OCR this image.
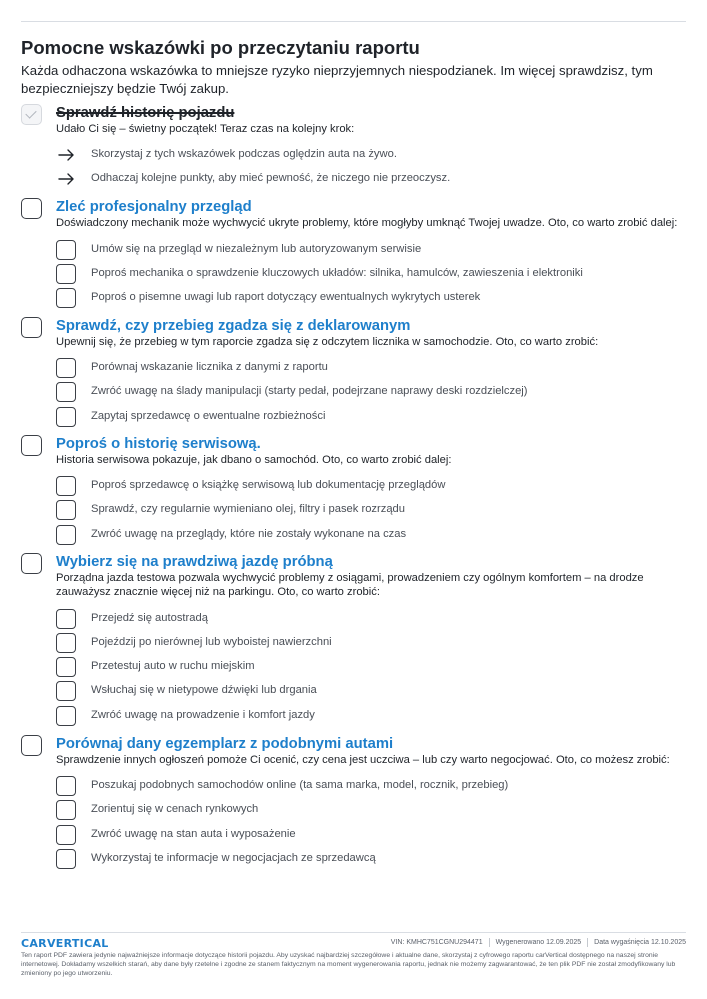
Pomocne wskazówki po przeczytaniu raportu

Każda odhaczona wskazówka to mniejsze ryzyko nieprzyjemnych niespodzianek. Im więcej sprawdzisz, tym bezpieczniejszy będzie Twój zakup.

Sprawdź historię pojazdu
Udało Ci się – świetny początek! Teraz czas na kolejny krok:
Skorzystaj z tych wskazówek podczas oględzin auta na żywo.
Odhaczaj kolejne punkty, aby mieć pewność, że niczego nie przeoczysz.
Zleć profesjonalny przegląd
Doświadczony mechanik może wychwycić ukryte problemy, które mogłyby umknąć Twojej uwadze. Oto, co warto zrobić dalej:
Umów się na przegląd w niezależnym lub autoryzowanym serwisie
Poproś mechanika o sprawdzenie kluczowych układów: silnika, hamulców, zawieszenia i elektroniki
Poproś o pisemne uwagi lub raport dotyczący ewentualnych wykrytych usterek
Sprawdź, czy przebieg zgadza się z deklarowanym
Upewnij się, że przebieg w tym raporcie zgadza się z odczytem licznika w samochodzie. Oto, co warto zrobić:
Porównaj wskazanie licznika z danymi z raportu
Zwróć uwagę na ślady manipulacji (starty pedał, podejrzane naprawy deski rozdzielczej)
Zapytaj sprzedawcę o ewentualne rozbieżności
Poproś o historię serwisową.
Historia serwisowa pokazuje, jak dbano o samochód. Oto, co warto zrobić dalej:
Poproś sprzedawcę o książkę serwisową lub dokumentację przeglądów
Sprawdź, czy regularnie wymieniano olej, filtry i pasek rozrządu
Zwróć uwagę na przeglądy, które nie zostały wykonane na czas
Wybierz się na prawdziwą jazdę próbną
Porządna jazda testowa pozwala wychwycić problemy z osiągami, prowadzeniem czy ogólnym komfortem – na drodze zauważysz znacznie więcej niż na parkingu. Oto, co warto zrobić:
Przejedź się autostradą
Pojeździj po nierównej lub wyboistej nawierzchni
Przetestuj auto w ruchu miejskim
Wsłuchaj się w nietypowe dźwięki lub drgania
Zwróć uwagę na prowadzenie i komfort jazdy
Porównaj dany egzemplarz z podobnymi autami
Sprawdzenie innych ogłoszeń pomoże Ci ocenić, czy cena jest uczciwa – lub czy warto negocjować. Oto, co możesz zrobić:
Poszukaj podobnych samochodów online (ta sama marka, model, rocznik, przebieg)
Zorientuj się w cenach rynkowych
Zwróć uwagę na stan auta i wyposażenie
Wykorzystaj te informacje w negocjacjach ze sprzedawcą
CARVERTICAL	VIN: KMHC751CGNU294471 Wygenerowano 12.09.2025 Data wygaśnięcia 12.10.2025

Ten raport PDF zawiera jedynie najważniejsze informacje dotyczące historii pojazdu. Aby uzyskać najbardziej szczegółowe i aktualne dane, skorzystaj z cyfrowego raportu carVertical dostępnego na naszej stronie internetowej. Dokładamy wszelkich starań, aby dane były rzetelne i zgodne ze stanem faktycznym na moment wygenerowania raportu, jednak nie możemy zagwarantować, że ten plik PDF nie został zmodyfikowany lub zmieniony po jego utworzeniu.
